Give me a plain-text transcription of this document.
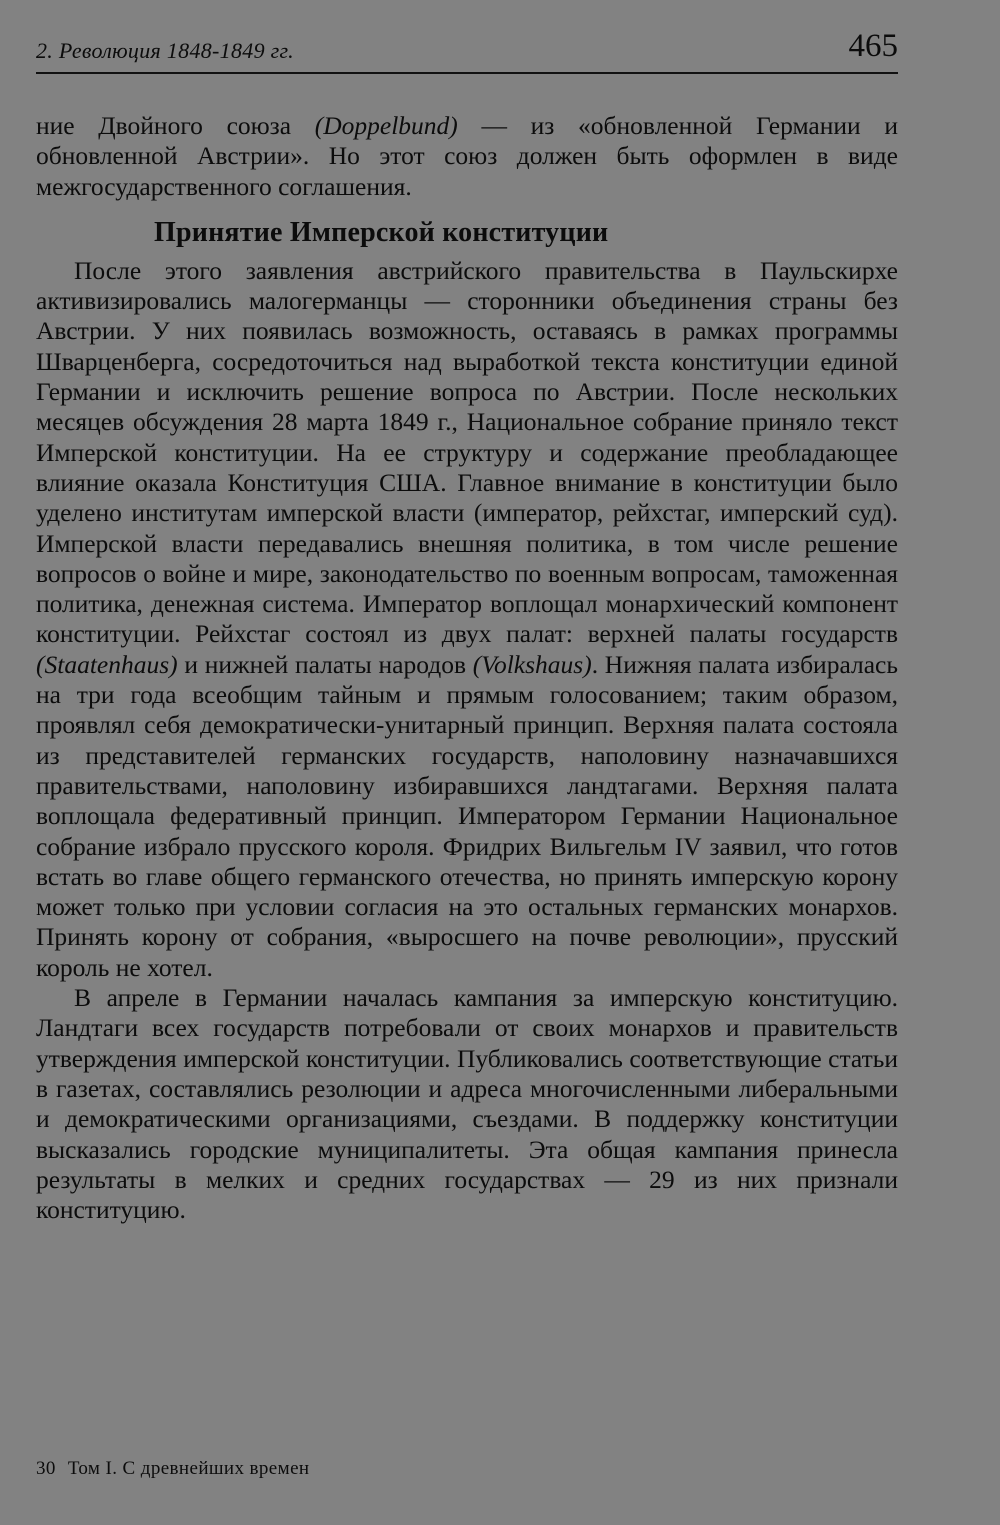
2. Революция 1848-1849 гг.	465

ние Двойного союза (Doppelbund) — из «обновленной Германии и обновленной Австрии». Но этот союз должен быть оформлен в виде межгосударственного соглашения.

Принятие Имперской конституции

После этого заявления австрийского правительства в Паульскирхе активизировались малогерманцы — сторонники объединения страны без Австрии. У них появилась возможность, оставаясь в рамках программы Шварценберга, сосредоточиться над выработкой текста конституции единой Германии и исключить решение вопроса по Австрии. После нескольких месяцев обсуждения 28 марта 1849 г., Национальное собрание приняло текст Имперской конституции. На ее структуру и содержание преобладающее влияние оказала Конституция США. Главное внимание в конституции было уделено институтам имперской власти (император, рейхстаг, имперский суд). Имперской власти передавались внешняя политика, в том числе решение вопросов о войне и мире, законодательство по военным вопросам, таможенная политика, денежная система. Император воплощал монархический компонент конституции. Рейхстаг состоял из двух палат: верхней палаты государств (Staatenhaus) и нижней палаты народов (Volkshaus). Нижняя палата избиралась на три года всеобщим тайным и прямым голосованием; таким образом, проявлял себя демократически-унитарный принцип. Верхняя палата состояла из представителей германских государств, наполовину назначавшихся правительствами, наполовину избиравшихся ландтагами. Верхняя палата воплощала федеративный принцип. Императором Германии Национальное собрание избрало прусского короля. Фридрих Вильгельм IV заявил, что готов встать во главе общего германского отечества, но принять имперскую корону может только при условии согласия на это остальных германских монархов. Принять корону от собрания, «выросшего на почве революции», прусский король не хотел.

В апреле в Германии началась кампания за имперскую конституцию. Ландтаги всех государств потребовали от своих монархов и правительств утверждения имперской конституции. Публиковались соответствующие статьи в газетах, составлялись резолюции и адреса многочисленными либеральными и демократическими организациями, съездами. В поддержку конституции высказались городские муниципалитеты. Эта общая кампания принесла результаты в мелких и средних государствах — 29 из них признали конституцию.

30 Том I. С древнейших времен
